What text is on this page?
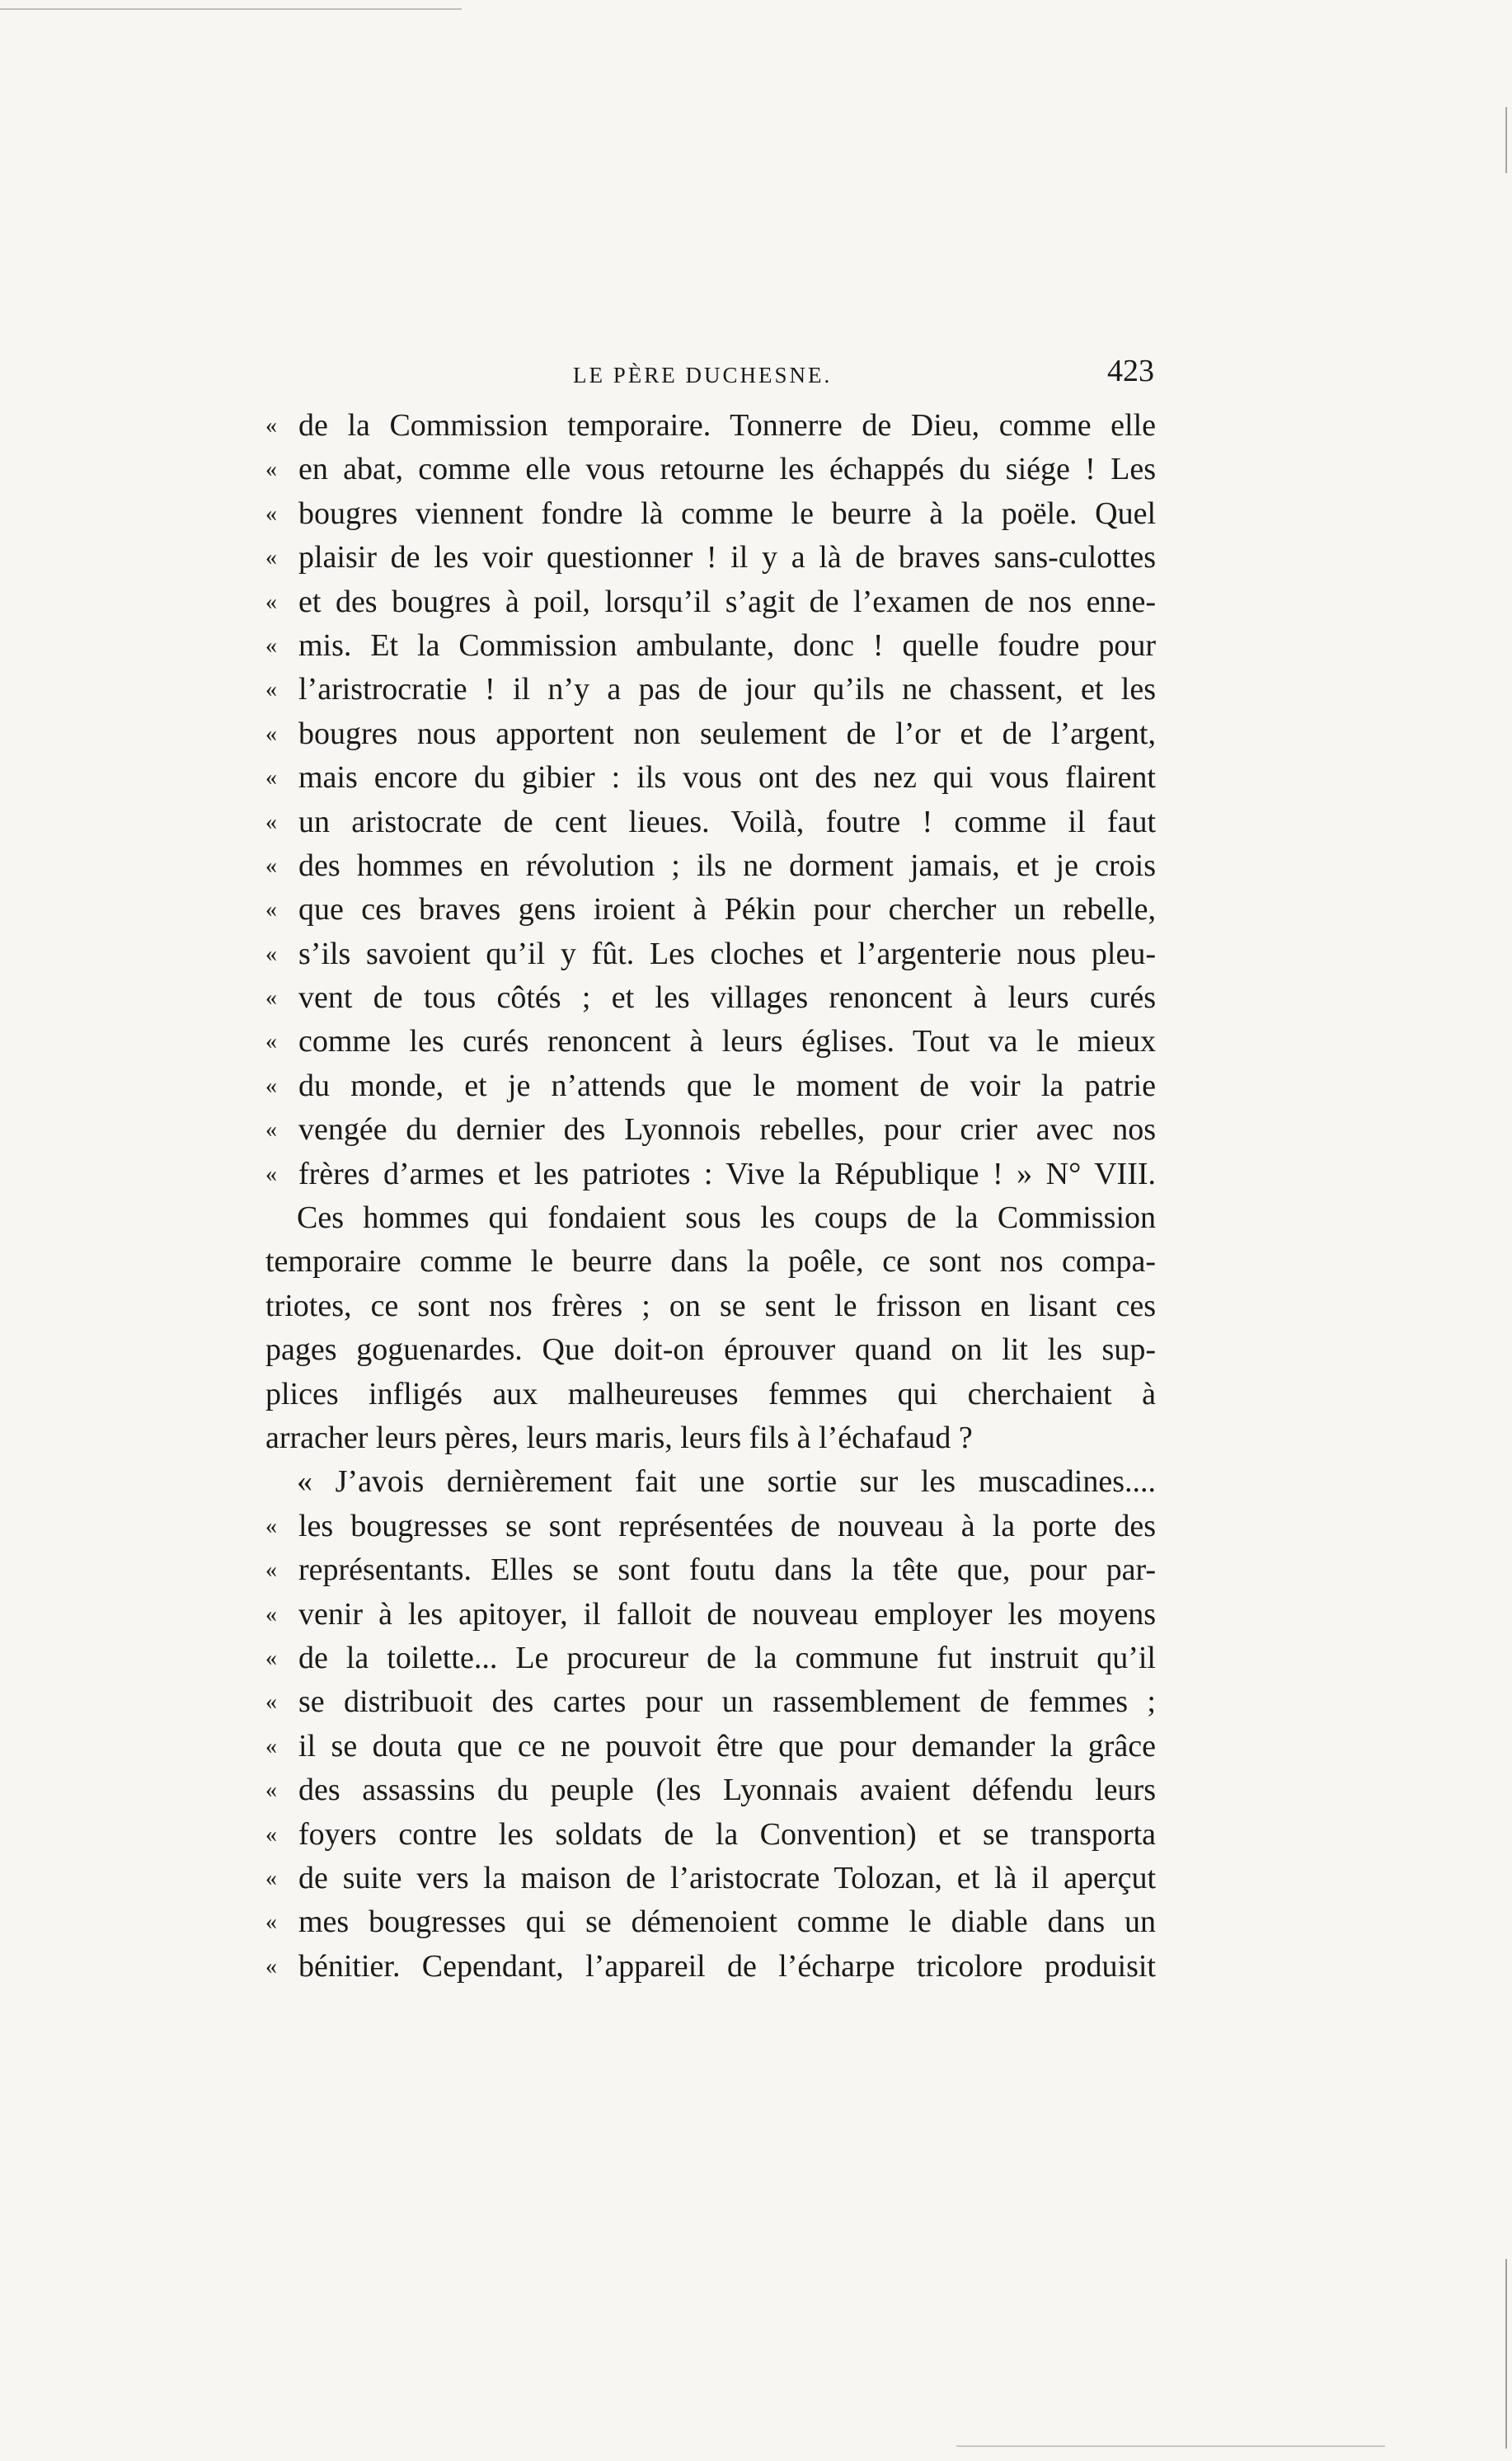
LE PÈRE DUCHESNE.	423
« de la Commission temporaire. Tonnerre de Dieu, comme elle
« en abat, comme elle vous retourne les échappés du siége ! Les
« bougres viennent fondre là comme le beurre à la poële. Quel
« plaisir de les voir questionner ! il y a là de braves sans-culottes
« et des bougres à poil, lorsqu’il s’agit de l’examen de nos enne-
« mis. Et la Commission ambulante, donc ! quelle foudre pour
« l’aristrocratie ! il n’y a pas de jour qu’ils ne chassent, et les
« bougres nous apportent non seulement de l’or et de l’argent,
« mais encore du gibier : ils vous ont des nez qui vous flairent
« un aristocrate de cent lieues. Voilà, foutre ! comme il faut
« des hommes en révolution ; ils ne dorment jamais, et je crois
« que ces braves gens iroient à Pékin pour chercher un rebelle,
« s’ils savoient qu’il y fût. Les cloches et l’argenterie nous pleu-
« vent de tous côtés ; et les villages renoncent à leurs curés
« comme les curés renoncent à leurs églises. Tout va le mieux
« du monde, et je n’attends que le moment de voir la patrie
« vengée du dernier des Lyonnois rebelles, pour crier avec nos
« frères d’armes et les patriotes : Vive la République ! » N° VIII.
Ces hommes qui fondaient sous les coups de la Commission
temporaire comme le beurre dans la poêle, ce sont nos compa-
triotes, ce sont nos frères ; on se sent le frisson en lisant ces
pages goguenardes. Que doit-on éprouver quand on lit les sup-
plices infligés aux malheureuses femmes qui cherchaient à
arracher leurs pères, leurs maris, leurs fils à l’échafaud ?
« J’avois dernièrement fait une sortie sur les muscadines....
« les bougresses se sont représentées de nouveau à la porte des
« représentants. Elles se sont foutu dans la tête que, pour par-
« venir à les apitoyer, il falloit de nouveau employer les moyens
« de la toilette... Le procureur de la commune fut instruit qu’il
« se distribuoit des cartes pour un rassemblement de femmes ;
« il se douta que ce ne pouvoit être que pour demander la grâce
« des assassins du peuple (les Lyonnais avaient défendu leurs
« foyers contre les soldats de la Convention) et se transporta
« de suite vers la maison de l’aristocrate Tolozan, et là il aperçut
« mes bougresses qui se démenoient comme le diable dans un
« bénitier. Cependant, l’appareil de l’écharpe tricolore produisit
